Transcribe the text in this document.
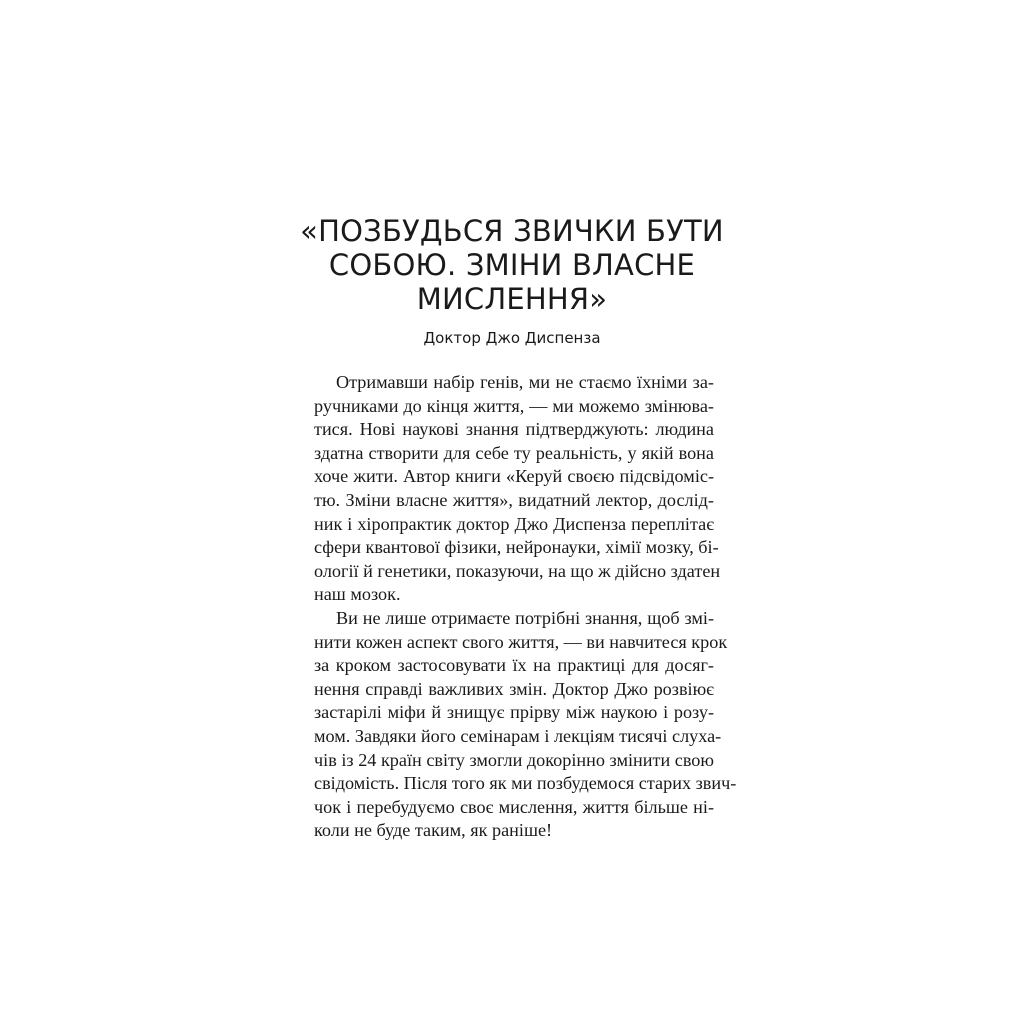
«ПОЗБУДЬСЯ ЗВИЧКИ БУТИ
СОБОЮ. ЗМІНИ ВЛАСНЕ
МИСЛЕННЯ»
Доктор Джо Диспенза
Отримавши набір генів, ми не стаємо їхніми за-
ручниками до кінця життя, — ми можемо змінюва-
тися. Нові наукові знання підтверджують: людина
здатна створити для себе ту реальність, у якій вона
хоче жити. Автор книги «Керуй своєю підсвідоміс-
тю. Зміни власне життя», видатний лектор, дослід-
ник і хіропрактик доктор Джо Диспенза переплітає
сфери квантової фізики, нейронауки, хімії мозку, бі-
ології й генетики, показуючи, на що ж дійсно здатен
наш мозок.
Ви не лише отримаєте потрібні знання, щоб змі-
нити кожен аспект свого життя, — ви навчитеся крок
за кроком застосовувати їх на практиці для досяг-
нення справді важливих змін. Доктор Джо розвіює
застарілі міфи й знищує прірву між наукою і розу-
мом. Завдяки його семінарам і лекціям тисячі слуха-
чів із 24 країн світу змогли докорінно змінити свою
свідомість. Після того як ми позбудемося старих звич-
чок і перебудуємо своє мислення, життя більше ні-
коли не буде таким, як раніше!
